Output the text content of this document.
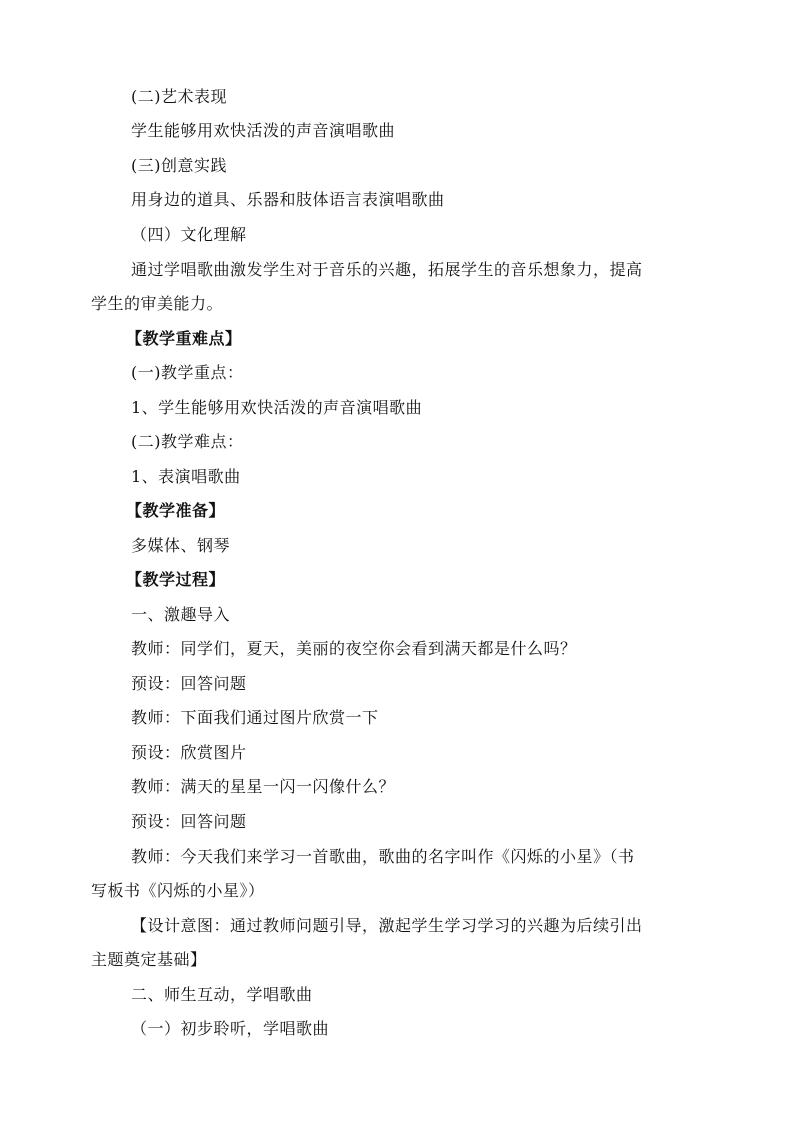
(二)艺术表现
学生能够用欢快活泼的声音演唱歌曲
(三)创意实践
用身边的道具、乐器和肢体语言表演唱歌曲
（四）文化理解
通过学唱歌曲激发学生对于音乐的兴趣，拓展学生的音乐想象力，提高
学生的审美能力。
【教学重难点】
(一)教学重点：
1、学生能够用欢快活泼的声音演唱歌曲
(二)教学难点：
1、表演唱歌曲
【教学准备】
多媒体、钢琴
【教学过程】
一、激趣导入
教师：同学们，夏天，美丽的夜空你会看到满天都是什么吗？
预设：回答问题
教师：下面我们通过图片欣赏一下
预设：欣赏图片
教师：满天的星星一闪一闪像什么？
预设：回答问题
教师：今天我们来学习一首歌曲，歌曲的名字叫作《闪烁的小星》（书
写板书《闪烁的小星》）
【设计意图：通过教师问题引导，激起学生学习学习的兴趣为后续引出
主题奠定基础】
二、师生互动，学唱歌曲
（一）初步聆听，学唱歌曲
